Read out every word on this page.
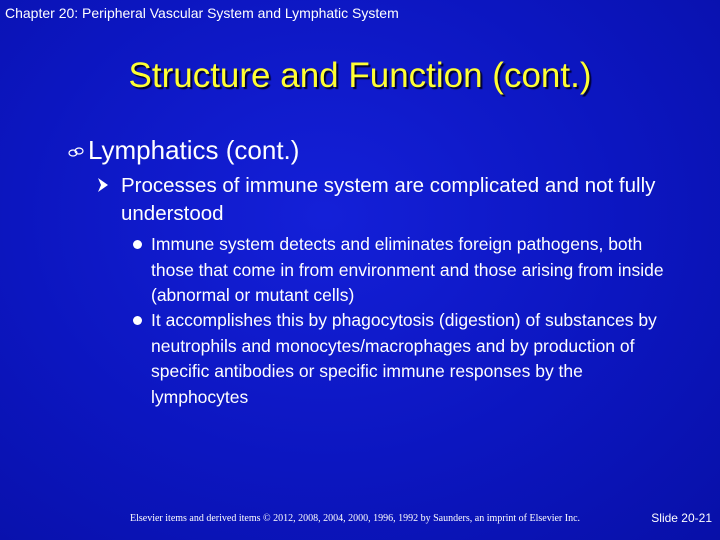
Chapter 20: Peripheral Vascular System and Lymphatic System
Structure and Function (cont.)
Lymphatics (cont.)
Processes of immune system are complicated and not fully understood
Immune system detects and eliminates foreign pathogens, both those that come in from environment and those arising from inside (abnormal or mutant cells)
It accomplishes this by phagocytosis (digestion) of substances by neutrophils and monocytes/macrophages and by production of specific antibodies or specific immune responses by the lymphocytes
Elsevier items and derived items © 2012, 2008, 2004, 2000, 1996, 1992 by Saunders, an imprint of Elsevier Inc.	Slide 20-21
